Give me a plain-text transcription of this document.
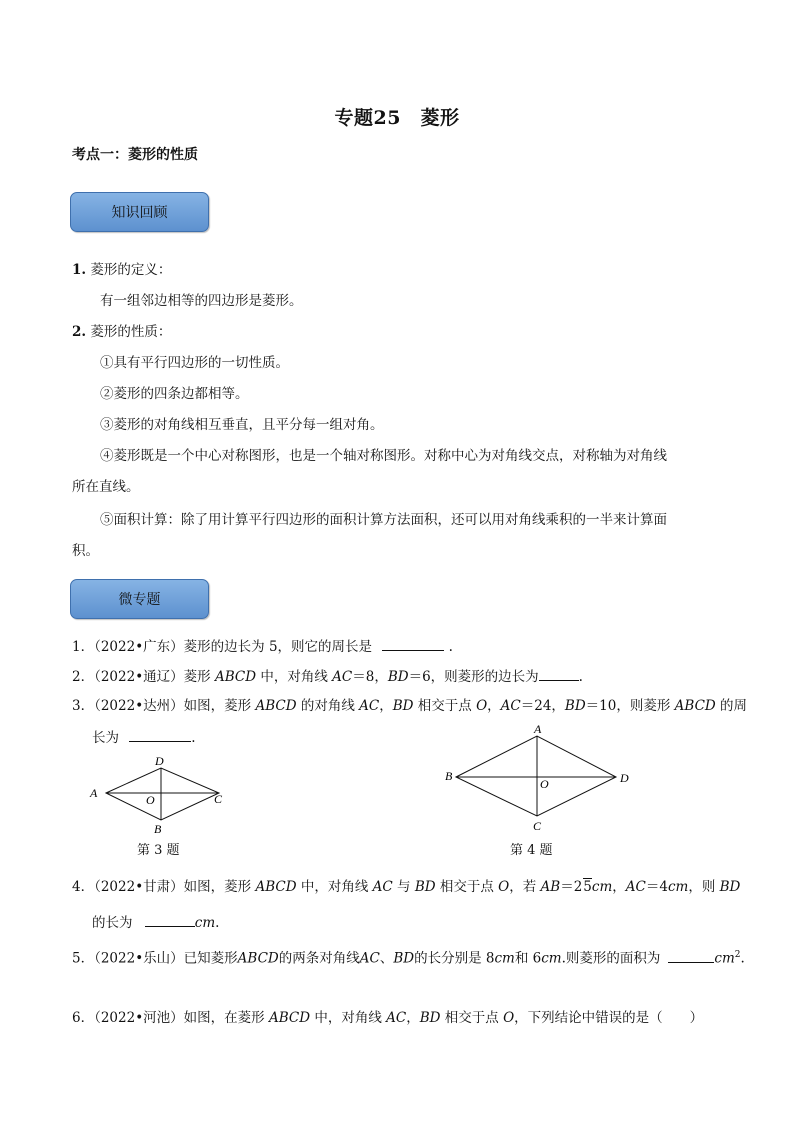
专题25　菱形
考点一：菱形的性质
知识回顾
1. 菱形的定义：
有一组邻边相等的四边形是菱形。
2. 菱形的性质：
①具有平行四边形的一切性质。
②菱形的四条边都相等。
③菱形的对角线相互垂直，且平分每一组对角。
④菱形既是一个中心对称图形，也是一个轴对称图形。对称中心为对角线交点，对称轴为对角线
所在直线。
⑤面积计算：除了用计算平行四边形的面积计算方法面积，还可以用对角线乘积的一半来计算面
积。
微专题
1．（2022•广东）菱形的边长为 5，则它的周长是	.
2．（2022•通辽）菱形 ABCD 中，对角线 AC＝8，BD＝6，则菱形的边长为	.
3．（2022•达州）如图，菱形 ABCD 的对角线 AC，BD 相交于点 O，AC＝24，BD＝10，则菱形 ABCD 的周
长为	.
A
D
C
B
O
第 3 题
A
B	D
C
O
第 4 题
4．（2022•甘肃）如图，菱形 ABCD 中，对角线 AC 与 BD 相交于点 O，若 AB＝25cm，AC＝4cm，则 BD
的长为	cm.
5．（2022•乐山）已知菱形ABCD的两条对角线AC、BD的长分别是 8cm和 6cm.则菱形的面积为	$cm^2$.
6．（2022•河池）如图，在菱形 ABCD 中，对角线 AC，BD 相交于点 O，下列结论中错误的是（　　）
